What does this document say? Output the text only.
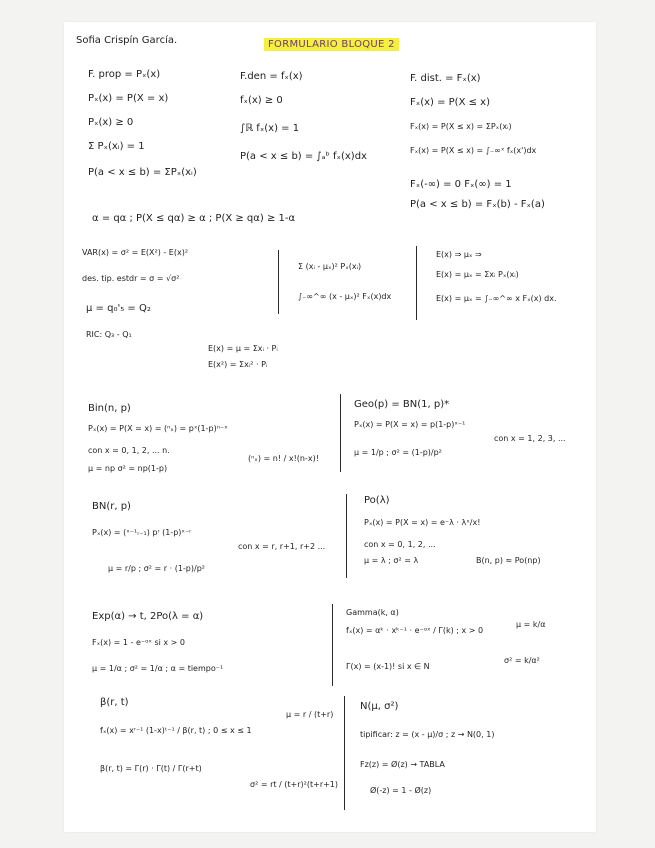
Sofia Crispín García.	FORMULARIO BLOQUE 2
F. prop = Pₓ(x)
Pₓ(x) = P(X = x)
Pₓ(x) ≥ 0
Σ Pₓ(xᵢ) = 1
P(a < x ≤ b) = ΣPₓ(xᵢ)
F.den = fₓ(x)
fₓ(x) ≥ 0
∫ℝ fₓ(x) = 1
P(a < x ≤ b) = ∫ₐᵇ fₓ(x)dx
F. dist. = Fₓ(x)
Fₓ(x) = P(X ≤ x)
Fₓ(x) = P(X ≤ x) = ΣPₓ(xᵢ)
Fₓ(x) = P(X ≤ x) = ∫₋∞ˣ fₓ(x')dx
Fₓ(-∞) = 0 Fₓ(∞) = 1
P(a < x ≤ b) = Fₓ(b) - Fₓ(a)
α = qα ; P(X ≤ qα) ≥ α ; P(X ≥ qα) ≥ 1-α
VAR(x) = σ² = E(X²) - E(x)²
des. tip. estdr = σ = √σ²
μ = q₀'₅ = Q₂
RIC: Q₃ - Q₁
Σ (xᵢ - μₓ)² Pₓ(xᵢ)
∫₋∞^∞ (x - μₓ)² Fₓ(x)dx
E(x) ⇒ μₓ ⇒
E(x) = μₓ = Σxᵢ Pₓ(xᵢ)
E(x) = μₓ = ∫₋∞^∞ x Fₓ(x) dx.
E(x) = μ = Σxᵢ · Pᵢ
E(x²) = Σxᵢ² · Pᵢ
Bin(n, p)
Pₓ(x) = P(X = x) = (ⁿₓ) = pˣ(1-p)ⁿ⁻ˣ
con x = 0, 1, 2, ... n.
μ = np σ² = np(1-p)
(ⁿₓ) = n! / x!(n-x)!
Geo(p) = BN(1, p)*
Pₓ(x) = P(X = x) = p(1-p)ˣ⁻¹
con x = 1, 2, 3, ...
μ = 1/p ; σ² = (1-p)/p²
BN(r, p)
Pₓ(x) = (ˣ⁻¹ᵣ₋₁) pʳ (1-p)ˣ⁻ʳ
con x = r, r+1, r+2 ...
μ = r/p ; σ² = r · (1-p)/p²
Po(λ)
Pₓ(x) = P(X = x) = e⁻λ · λˣ/x!
con x = 0, 1, 2, ...
μ = λ ; σ² = λ	B(n, p) ≈ Po(np)
Exp(α) → t, 2Po(λ = α)
Fₓ(x) = 1 - e⁻ᵅˣ si x > 0
μ = 1/α ; σ² = 1/α ; α = tiempo⁻¹
Gamma(k, α)
fₓ(x) = αᵏ · xᵏ⁻¹ · e⁻ᵅˣ / Γ(k) ; x > 0
μ = k/α
Γ(x) = (x-1)! si x ∈ N
σ² = k/α²
β(r, t)
fₓ(x) = xʳ⁻¹ (1-x)ᵗ⁻¹ / β(r, t) ; 0 ≤ x ≤ 1
μ = r / (t+r)
β(r, t) = Γ(r) · Γ(t) / Γ(r+t)
σ² = rt / (t+r)²(t+r+1)
N(μ, σ²)
tipificar: z = (x - μ)/σ ; z → N(0, 1)
Fz(z) = Ø(z) → TABLA
Ø(-z) = 1 - Ø(z)
